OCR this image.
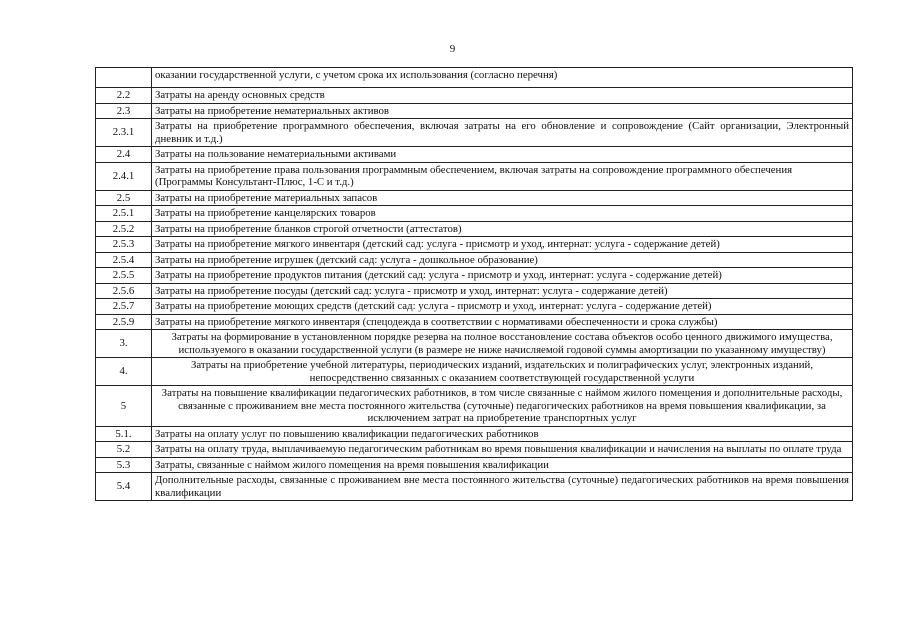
9
	оказании государственной услуги, с учетом срока их использования (согласно перечня)
2.2	Затраты на аренду основных средств
2.3	Затраты на приобретение нематериальных активов
2.3.1	Затраты на приобретение программного обеспечения, включая затраты на его обновление и сопровождение (Сайт организации, Электронный дневник и т.д.)
2.4	Затраты на пользование нематериальными активами
2.4.1	Затраты на приобретение права пользования программным обеспечением, включая затраты на сопровождение программного обеспечения (Программы Консультант-Плюс, 1-С и т.д.)
2.5	Затраты на приобретение материальных запасов
2.5.1	Затраты на приобретение канцелярских товаров
2.5.2	Затраты на приобретение бланков строгой отчетности (аттестатов)
2.5.3	Затраты на приобретение мягкого инвентаря (детский сад: услуга - присмотр и уход, интернат: услуга - содержание детей)
2.5.4	Затраты на приобретение игрушек (детский сад: услуга - дошкольное образование)
2.5.5	Затраты на приобретение продуктов питания (детский сад: услуга - присмотр и уход, интернат: услуга - содержание детей)
2.5.6	Затраты на приобретение посуды (детский сад: услуга - присмотр и уход, интернат: услуга - содержание детей)
2.5.7	Затраты на приобретение моющих средств (детский сад: услуга - присмотр и уход, интернат: услуга - содержание детей)
2.5.9	Затраты на приобретение мягкого инвентаря (спецодежда в соответствии с нормативами обеспеченности и срока службы)
3.	Затраты на формирование в установленном порядке резерва на полное восстановление состава объектов особо ценного движимого имущества, используемого в оказании государственной услуги (в размере не ниже начисляемой годовой суммы амортизации по указанному имуществу)
4.	Затраты на приобретение учебной литературы, периодических изданий, издательских и полиграфических услуг, электронных изданий, непосредственно связанных с оказанием соответствующей государственной услуги
5	Затраты на повышение квалификации педагогических работников, в том числе связанные с наймом жилого помещения и дополнительные расходы, связанные с проживанием вне места постоянного жительства (суточные) педагогических работников на время повышения квалификации, за исключением затрат на приобретение транспортных услуг
5.1.	Затраты на оплату услуг по повышению квалификации педагогических работников
5.2	Затраты на оплату труда, выплачиваемую педагогическим работникам во время повышения квалификации и начисления на выплаты по оплате труда
5.3	Затраты, связанные с наймом жилого помещения на время повышения квалификации
5.4	Дополнительные расходы, связанные с проживанием вне места постоянного жительства (суточные) педагогических работников на время повышения квалификации
